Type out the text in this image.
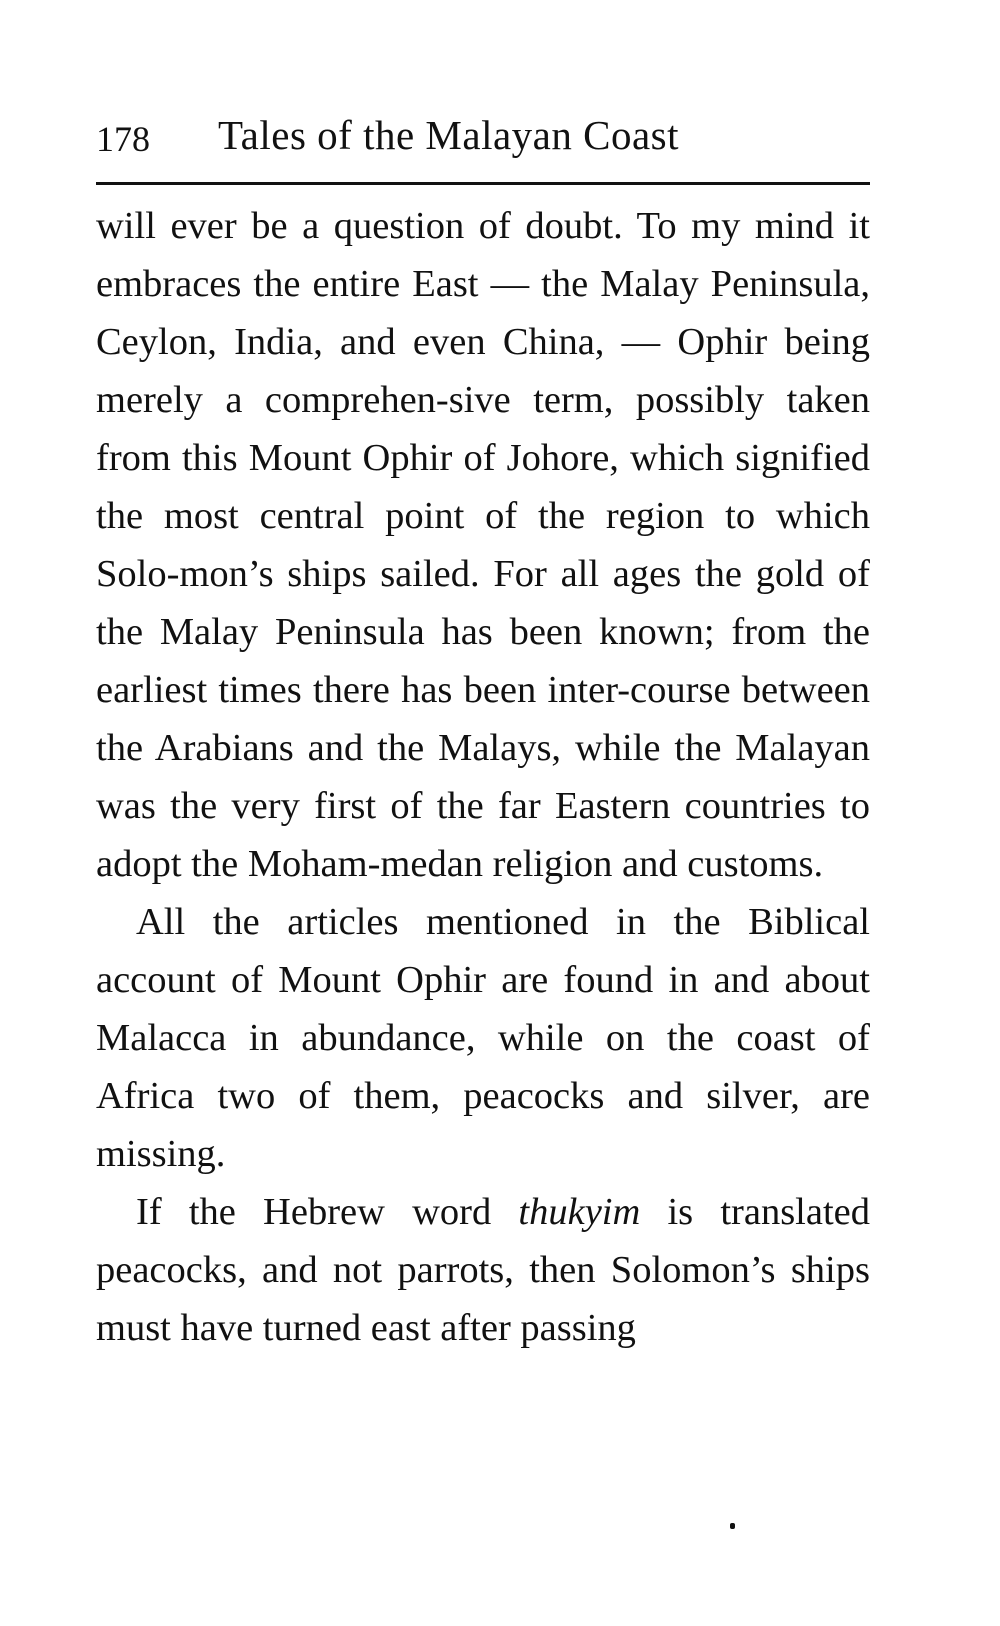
178 Tales of the Malayan Coast

will ever be a question of doubt. To my mind it embraces the entire East — the Malay Peninsula, Ceylon, India, and even China, — Ophir being merely a comprehen-sive term, possibly taken from this Mount Ophir of Johore, which signified the most central point of the region to which Solo-mon’s ships sailed. For all ages the gold of the Malay Peninsula has been known; from the earliest times there has been inter-course between the Arabians and the Malays, while the Malayan was the very first of the far Eastern countries to adopt the Moham-medan religion and customs.

All the articles mentioned in the Biblical account of Mount Ophir are found in and about Malacca in abundance, while on the coast of Africa two of them, peacocks and silver, are missing.

If the Hebrew word thukyim is translated peacocks, and not parrots, then Solomon’s ships must have turned east after passing
